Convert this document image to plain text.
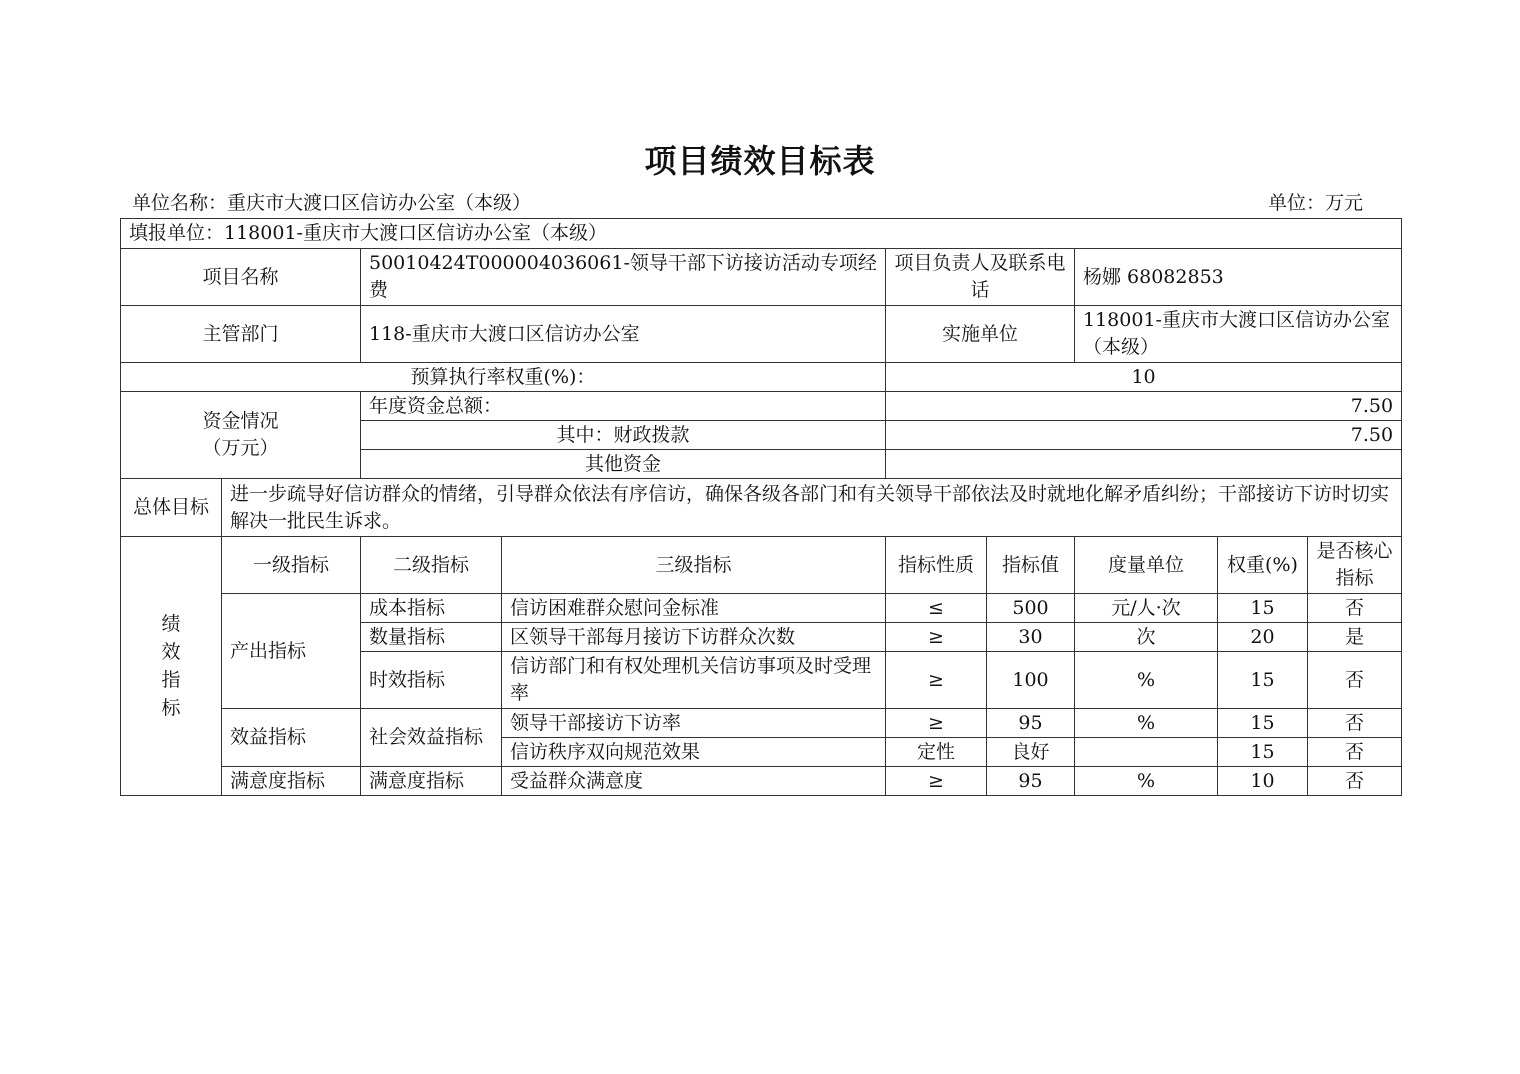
项目绩效目标表
单位名称：重庆市大渡口区信访办公室（本级）	单位：万元
填报单位：118001-重庆市大渡口区信访办公室（本级）								
项目名称		50010424T000004036061-领导干部下访接访活动专项经费		项目负责人及联系电话		杨娜 68082853		
主管部门		118-重庆市大渡口区信访办公室		实施单位		118001-重庆市大渡口区信访办公室（本级）		
预算执行率权重(%)：				10				

资金情况
（万元）		年度资金总额：		7.50				
		其中：财政拨款		7.50				
		其他资金						
总体目标	进一步疏导好信访群众的情绪，引导群众依法有序信访，确保各级各部门和有关领导干部依法及时就地化解矛盾纠纷；干部接访下访时切实解决一批民生诉求。							

绩效指标	一级指标	二级指标	三级指标	指标性质	指标值	度量单位	权重(%)	是否核心指标
	产出指标	成本指标	信访困难群众慰问金标准	≤	500	元/人·次	15	否
		数量指标	区领导干部每月接访下访群众次数	≥	30	次	20	是
		时效指标	信访部门和有权处理机关信访事项及时受理率	≥	100	%	15	否
	效益指标	社会效益指标	领导干部接访下访率	≥	95	%	15	否
			信访秩序双向规范效果	定性	良好		15	否
	满意度指标	满意度指标	受益群众满意度	≥	95	%	10	否
